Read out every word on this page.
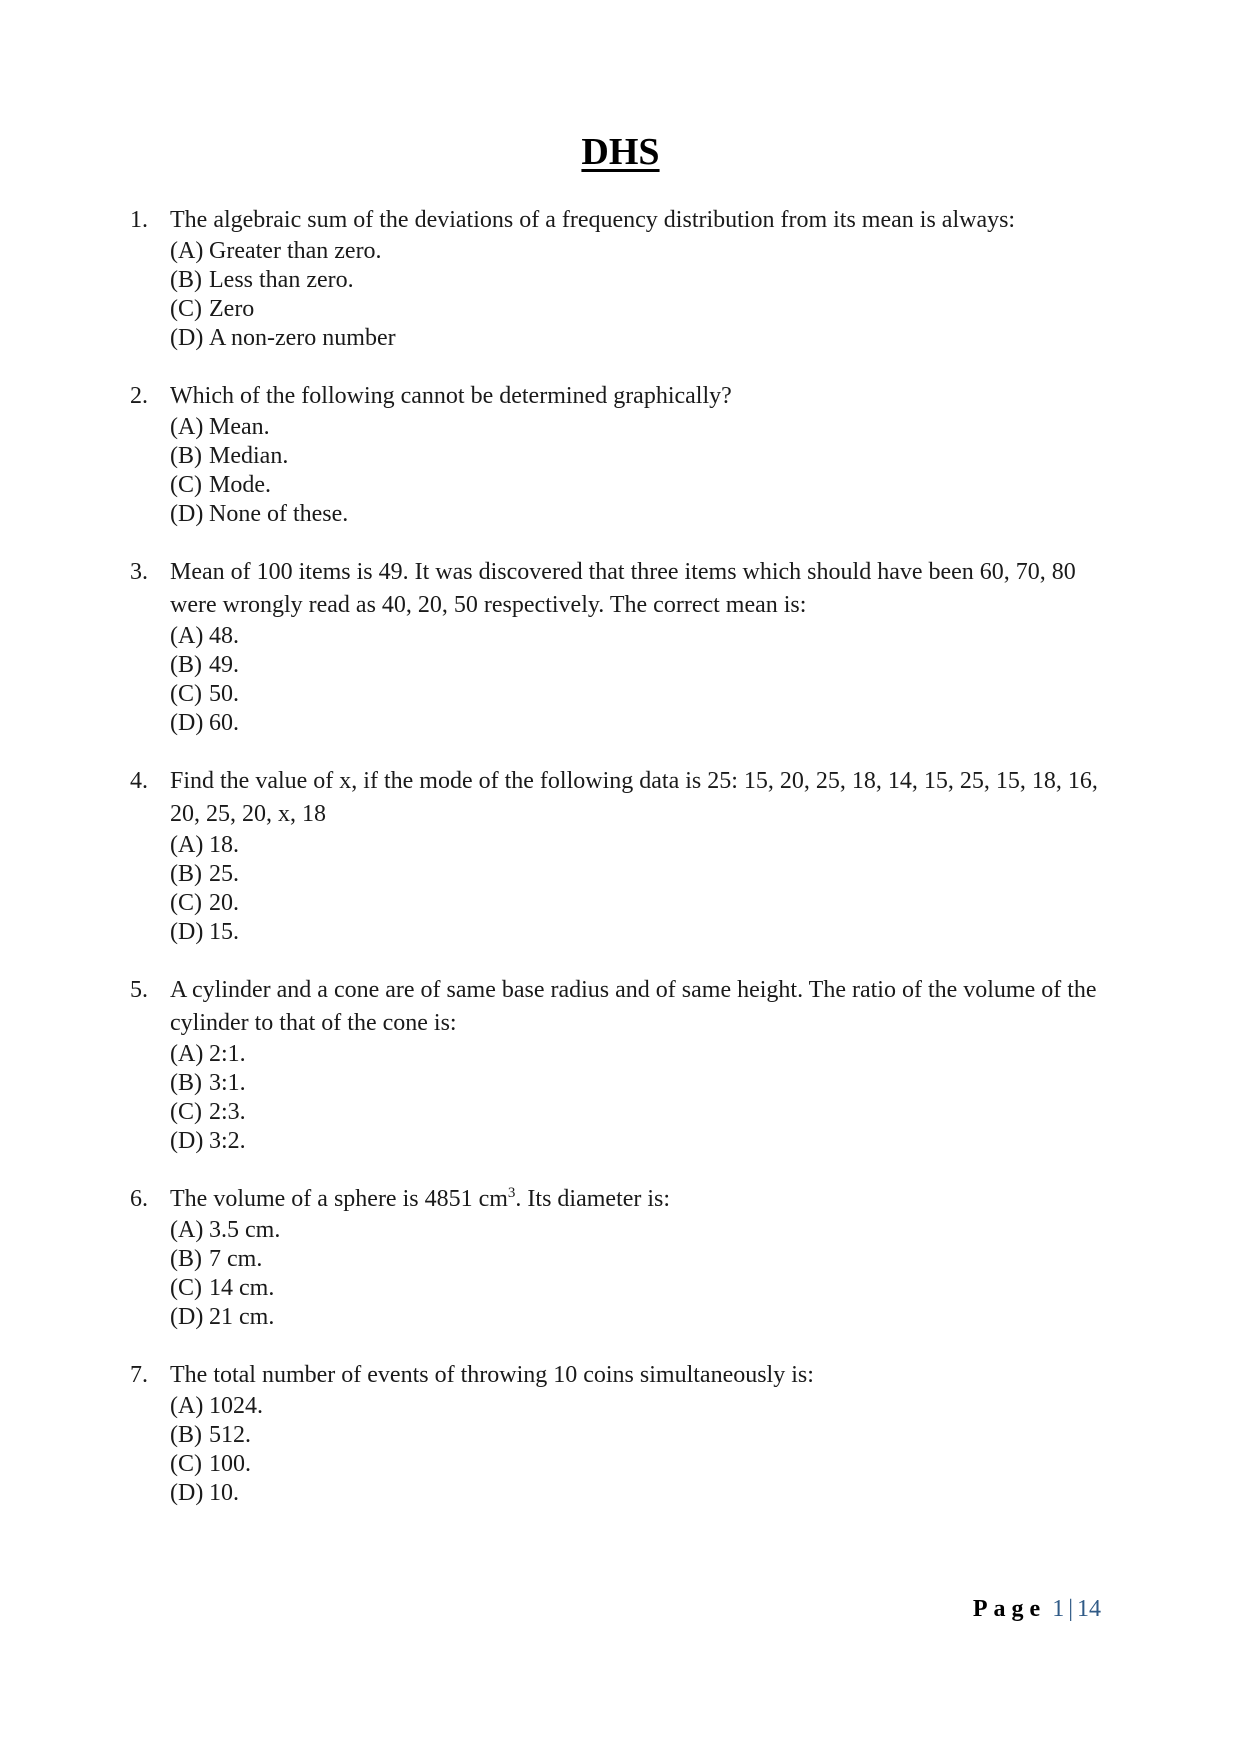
DHS
1. The algebraic sum of the deviations of a frequency distribution from its mean is always:
(A) Greater than zero.
(B) Less than zero.
(C) Zero
(D) A non-zero number
2. Which of the following cannot be determined graphically?
(A) Mean.
(B) Median.
(C) Mode.
(D) None of these.
3. Mean of 100 items is 49. It was discovered that three items which should have been 60, 70, 80 were wrongly read as 40, 20, 50 respectively. The correct mean is:
(A) 48.
(B) 49.
(C) 50.
(D) 60.
4. Find the value of x, if the mode of the following data is 25: 15, 20, 25, 18, 14, 15, 25, 15, 18, 16, 20, 25, 20, x, 18
(A) 18.
(B) 25.
(C) 20.
(D) 15.
5. A cylinder and a cone are of same base radius and of same height. The ratio of the volume of the cylinder to that of the cone is:
(A) 2:1.
(B) 3:1.
(C) 2:3.
(D) 3:2.
6. The volume of a sphere is 4851 $cm^3$. Its diameter is:
(A) 3.5 cm.
(B) 7 cm.
(C) 14 cm.
(D) 21 cm.
7. The total number of events of throwing 10 coins simultaneously is:
(A) 1024.
(B) 512.
(C) 100.
(D) 10.
Page 1 | 14
